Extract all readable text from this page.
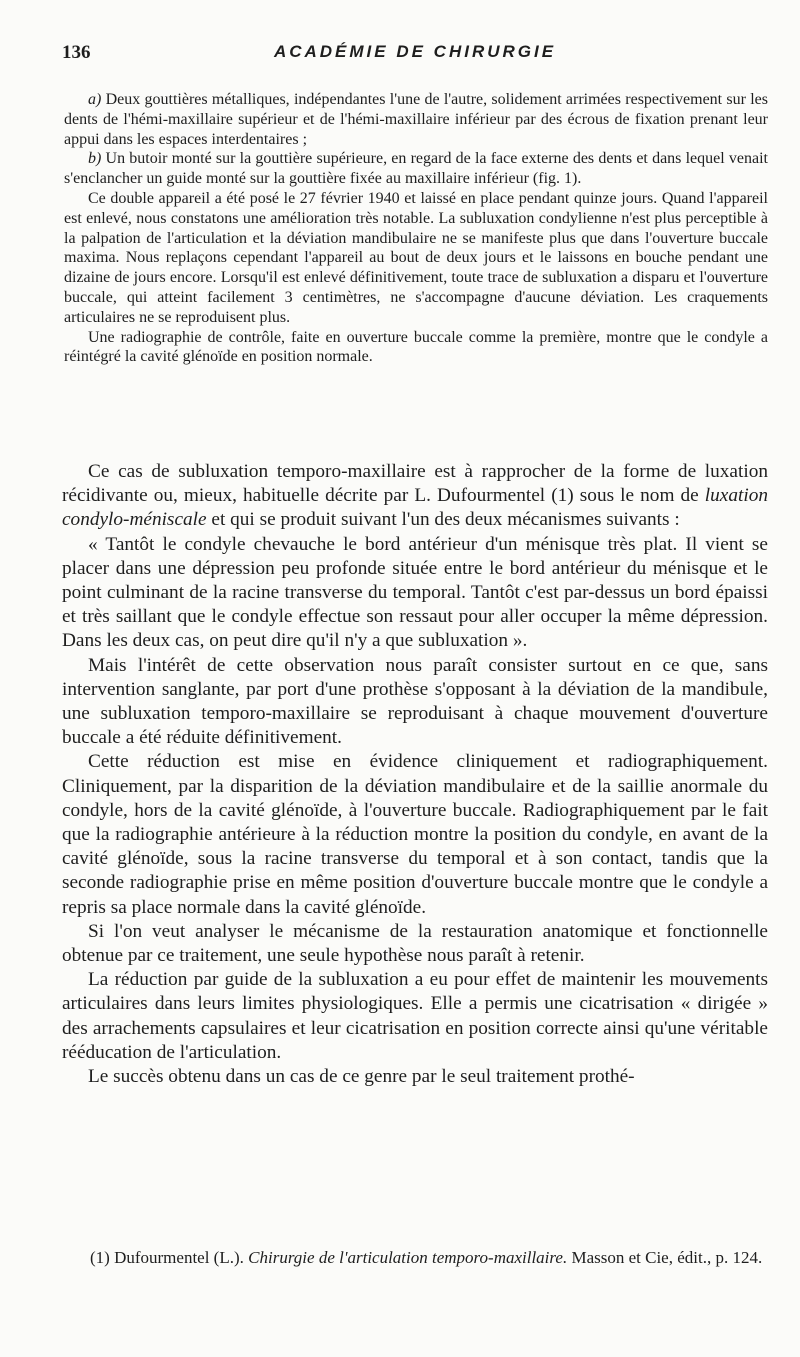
136	ACADÉMIE DE CHIRURGIE

a) Deux gouttières métalliques, indépendantes l'une de l'autre, solidement arrimées respectivement sur les dents de l'hémi-maxillaire supérieur et de l'hémi-maxillaire inférieur par des écrous de fixation prenant leur appui dans les espaces interdentaires ;

b) Un butoir monté sur la gouttière supérieure, en regard de la face externe des dents et dans lequel venait s'enclancher un guide monté sur la gouttière fixée au maxillaire inférieur (fig. 1).

Ce double appareil a été posé le 27 février 1940 et laissé en place pendant quinze jours. Quand l'appareil est enlevé, nous constatons une amélioration très notable. La subluxation condylienne n'est plus perceptible à la palpation de l'articulation et la déviation mandibulaire ne se manifeste plus que dans l'ouverture buccale maxima. Nous replaçons cependant l'appareil au bout de deux jours et le laissons en bouche pendant une dizaine de jours encore. Lorsqu'il est enlevé définitivement, toute trace de subluxation a disparu et l'ouverture buccale, qui atteint facilement 3 centimètres, ne s'accompagne d'aucune déviation. Les craquements articulaires ne se reproduisent plus.

Une radiographie de contrôle, faite en ouverture buccale comme la première, montre que le condyle a réintégré la cavité glénoïde en position normale.

Ce cas de subluxation temporo-maxillaire est à rapprocher de la forme de luxation récidivante ou, mieux, habituelle décrite par L. Dufourmentel (1) sous le nom de luxation condylo-méniscale et qui se produit suivant l'un des deux mécanismes suivants :

« Tantôt le condyle chevauche le bord antérieur d'un ménisque très plat. Il vient se placer dans une dépression peu profonde située entre le bord antérieur du ménisque et le point culminant de la racine transverse du temporal. Tantôt c'est par-dessus un bord épaissi et très saillant que le condyle effectue son ressaut pour aller occuper la même dépression. Dans les deux cas, on peut dire qu'il n'y a que subluxation ».

Mais l'intérêt de cette observation nous paraît consister surtout en ce que, sans intervention sanglante, par port d'une prothèse s'opposant à la déviation de la mandibule, une subluxation temporo-maxillaire se reproduisant à chaque mouvement d'ouverture buccale a été réduite définitivement.

Cette réduction est mise en évidence cliniquement et radiographiquement. Cliniquement, par la disparition de la déviation mandibulaire et de la saillie anormale du condyle, hors de la cavité glénoïde, à l'ouverture buccale. Radiographiquement par le fait que la radiographie antérieure à la réduction montre la position du condyle, en avant de la cavité glénoïde, sous la racine transverse du temporal et à son contact, tandis que la seconde radiographie prise en même position d'ouverture buccale montre que le condyle a repris sa place normale dans la cavité glénoïde.

Si l'on veut analyser le mécanisme de la restauration anatomique et fonctionnelle obtenue par ce traitement, une seule hypothèse nous paraît à retenir.

La réduction par guide de la subluxation a eu pour effet de maintenir les mouvements articulaires dans leurs limites physiologiques. Elle a permis une cicatrisation « dirigée » des arrachements capsulaires et leur cicatrisation en position correcte ainsi qu'une véritable rééducation de l'articulation.

Le succès obtenu dans un cas de ce genre par le seul traitement prothé-

(1) Dufourmentel (L.). Chirurgie de l'articulation temporo-maxillaire. Masson et Cie, édit., p. 124.
